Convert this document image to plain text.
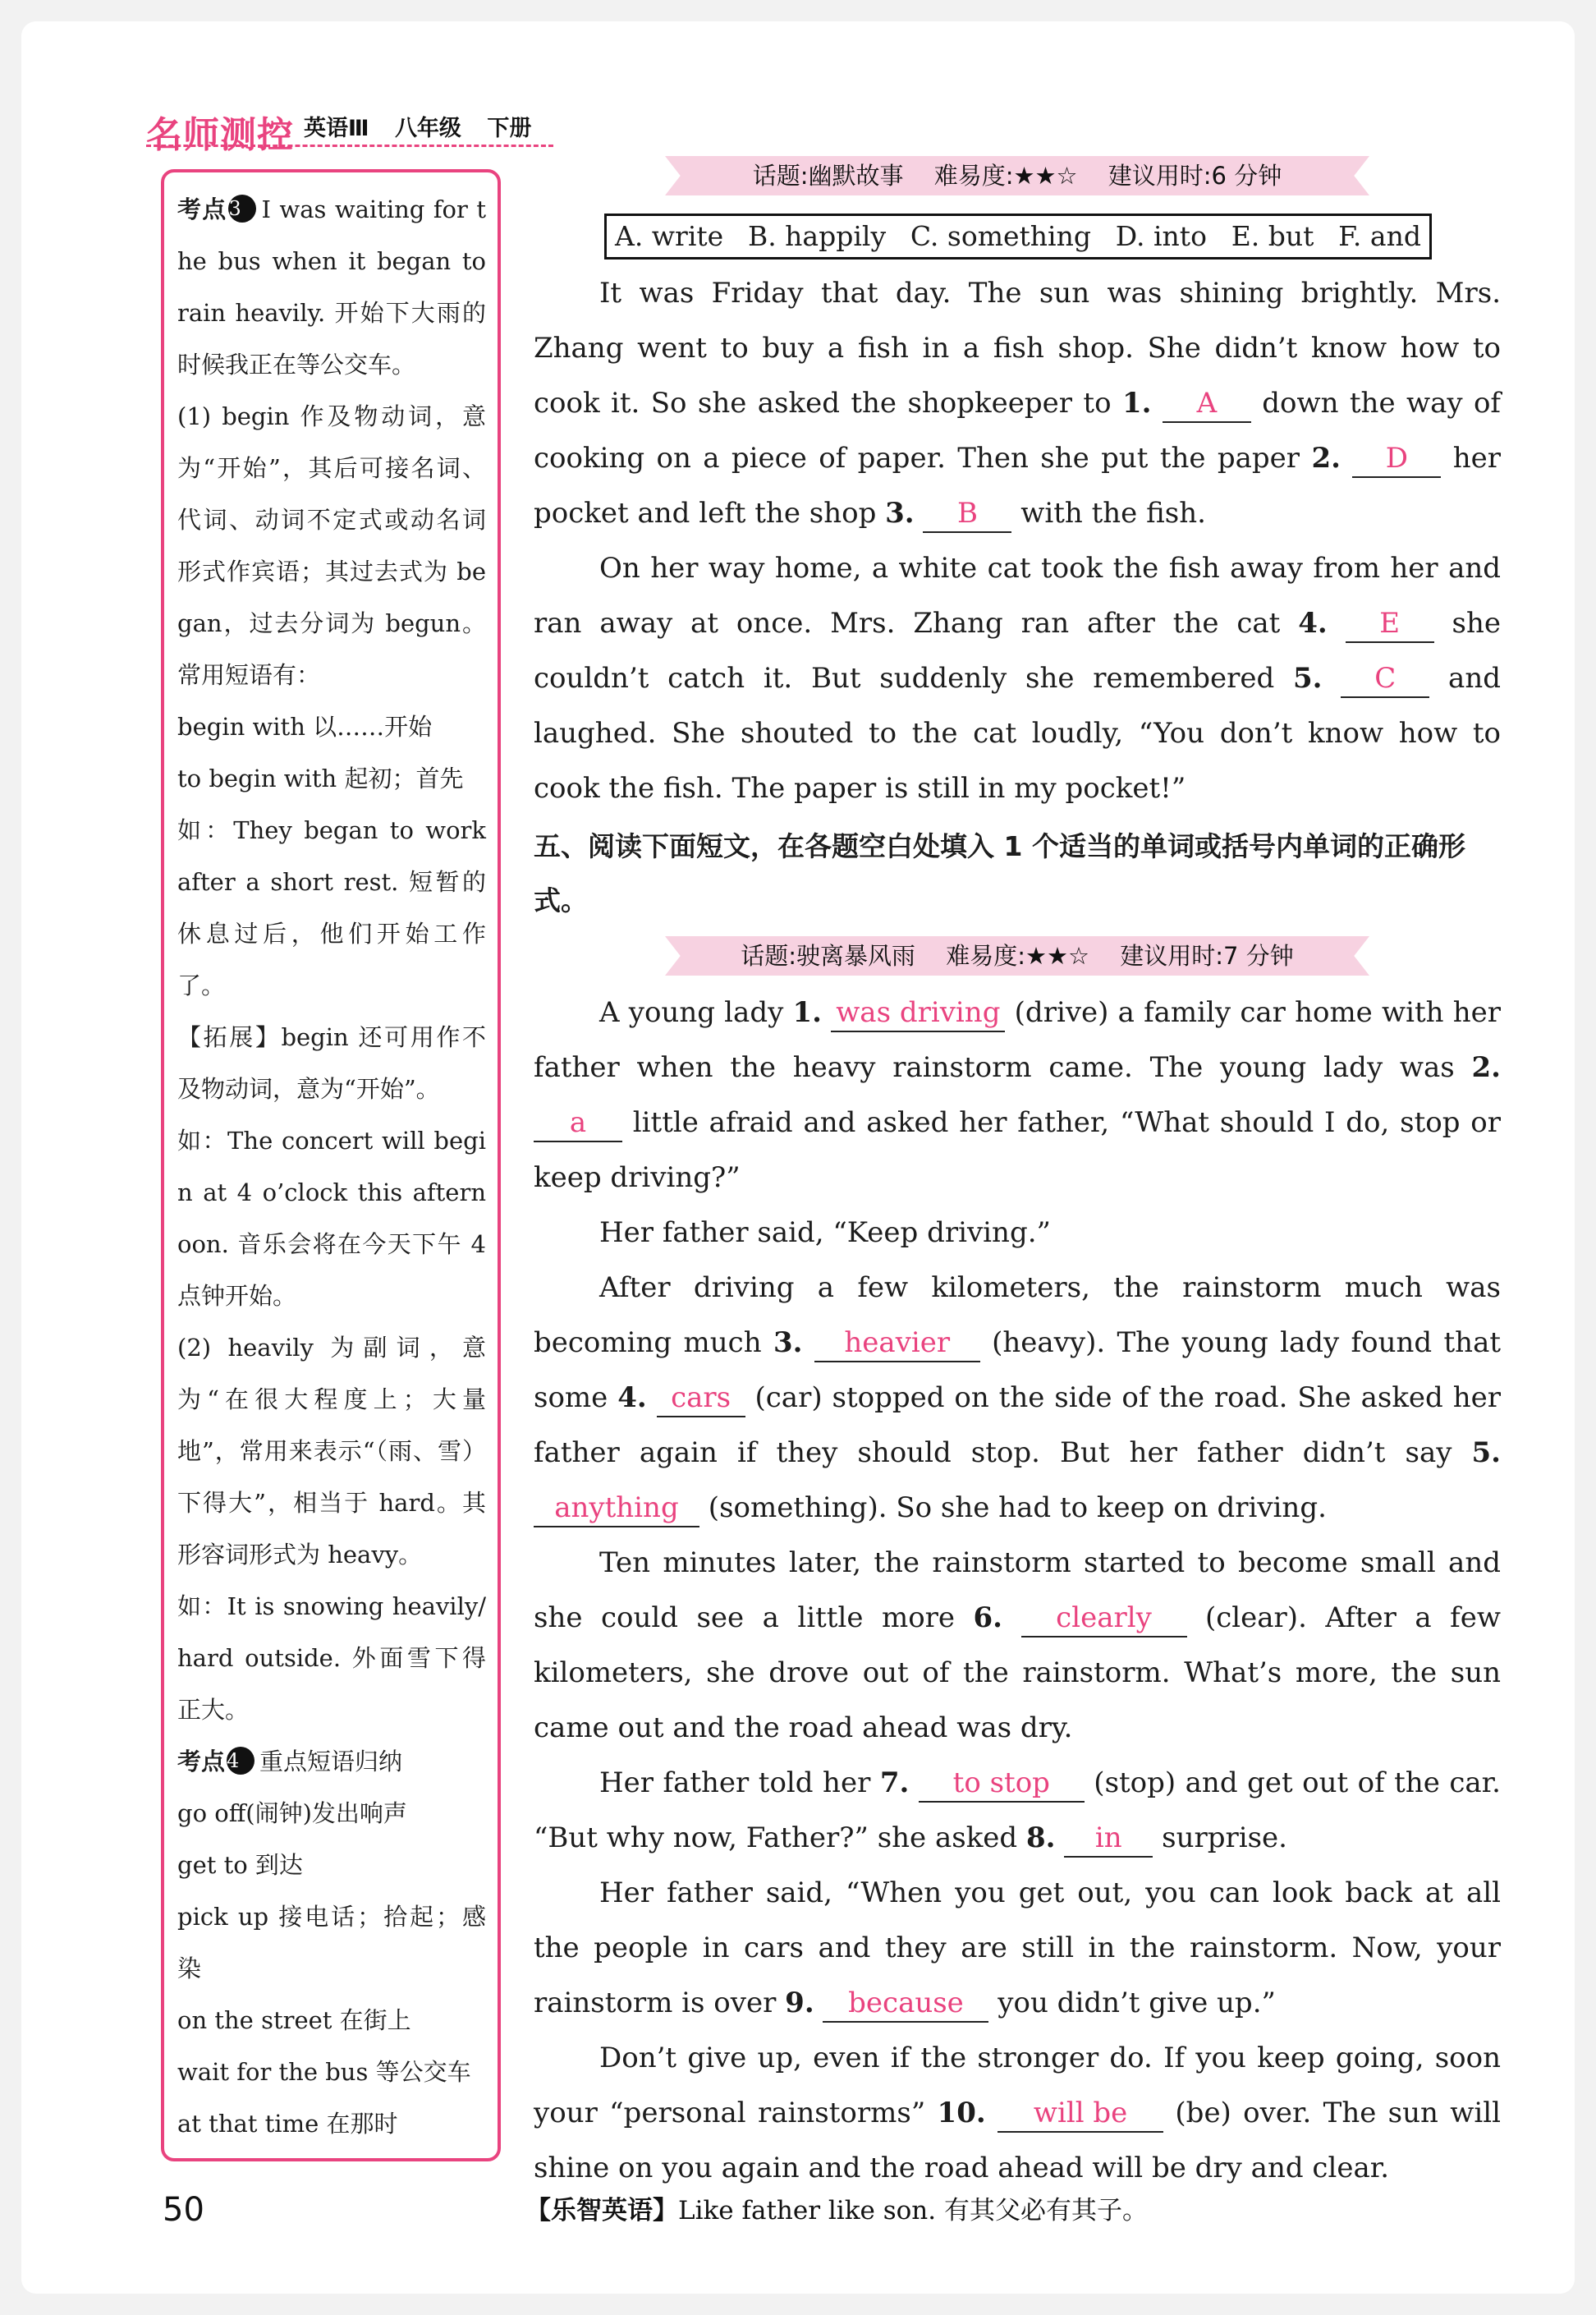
名师测控 英语Ⅲ 八年级 下册

考点3 I was waiting for the bus when it began to rain heavily. 开始下大雨的时候我正在等公交车。

(1) begin 作及物动词，意为“开始”，其后可接名词、代词、动词不定式或动名词形式作宾语；其过去式为 began，过去分词为 begun。常用短语有：

begin with 以……开始

to begin with 起初；首先

如：They began to work after a short rest. 短暂的休息过后，他们开始工作了。

【拓展】begin 还可用作不及物动词，意为“开始”。

如：The concert will begin at 4 o’clock this afternoon. 音乐会将在今天下午 4 点钟开始。

(2) heavily 为副词，意为“在很大程度上；大量地”，常用来表示“（雨、雪）下得大”，相当于 hard。其形容词形式为 heavy。

如：It is snowing heavily/ hard outside. 外面雪下得正大。

考点4 重点短语归纳

go off(闹钟)发出响声

get to 到达

pick up 接电话；拾起；感染

on the street 在街上

wait for the bus 等公交车

at that time 在那时

话题:幽默故事 难易度:★★☆ 建议用时:6 分钟
A. write B. happily C. something D. into E. but F. and

It was Friday that day. The sun was shining brightly. Mrs. Zhang went to buy a fish in a fish shop. She didn’t know how to cook it. So she asked the shopkeeper to 1. A down the way of cooking on a piece of paper. Then she put the paper 2. D her pocket and left the shop 3. B with the fish.

On her way home, a white cat took the fish away from her and ran away at once. Mrs. Zhang ran after the cat 4. E she couldn’t catch it. But suddenly she remembered 5. C and laughed. She shouted to the cat loudly, “You don’t know how to cook the fish. The paper is still in my pocket!”

五、阅读下面短文，在各题空白处填入 1 个适当的单词或括号内单词的正确形式。
话题:驶离暴风雨 难易度:★★☆ 建议用时:7 分钟

A young lady 1. was driving (drive) a family car home with her father when the heavy rainstorm came. The young lady was 2. a little afraid and asked her father, “What should I do, stop or keep driving?”

Her father said, “Keep driving.”

After driving a few kilometers, the rainstorm much was becoming much 3. heavier (heavy). The young lady found that some 4. cars (car) stopped on the side of the road. She asked her father again if they should stop. But her father didn’t say 5. anything (something). So she had to keep on driving.

Ten minutes later, the rainstorm started to become small and she could see a little more 6. clearly (clear). After a few kilometers, she drove out of the rainstorm. What’s more, the sun came out and the road ahead was dry.

Her father told her 7. to stop (stop) and get out of the car. “But why now, Father?” she asked 8. in surprise.

Her father said, “When you get out, you can look back at all the people in cars and they are still in the rainstorm. Now, your rainstorm is over 9. because you didn’t give up.”

Don’t give up, even if the stronger do. If you keep going, soon your “personal rainstorms” 10. will be (be) over. The sun will shine on you again and the road ahead will be dry and clear.

50	【乐智英语】Like father like son. 有其父必有其子。
